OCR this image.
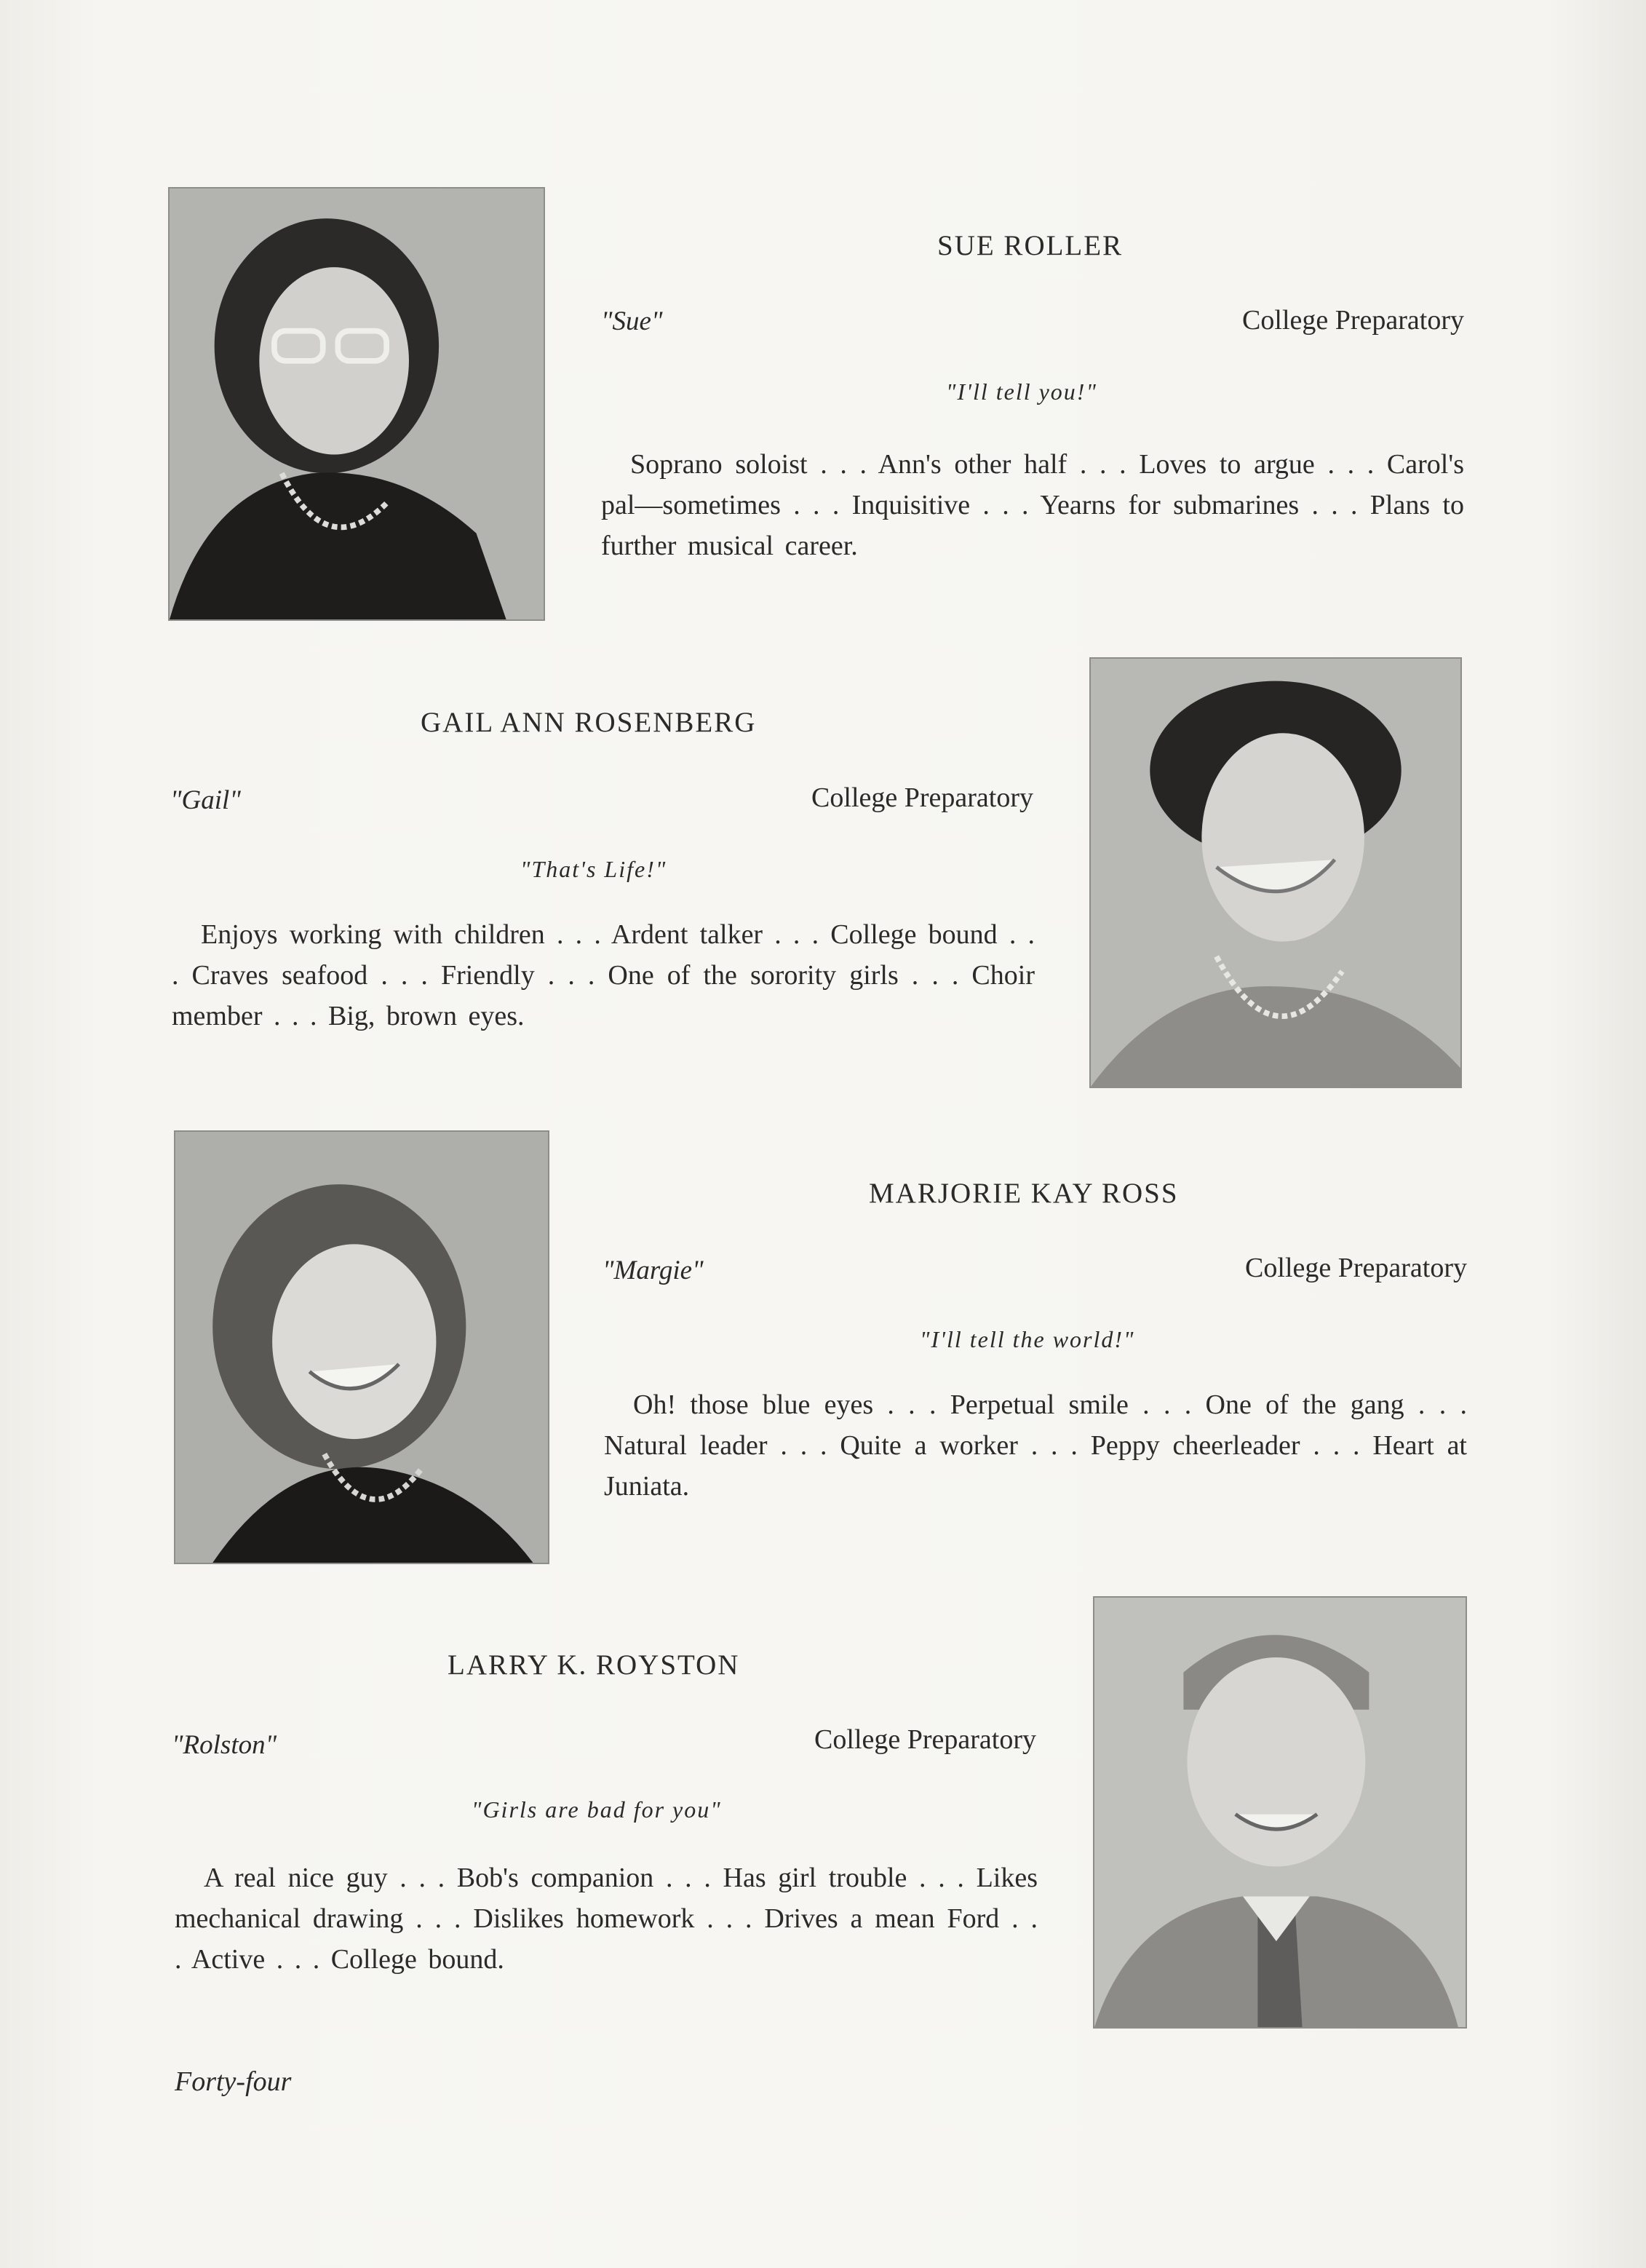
SUE ROLLER
"Sue"	College Preparatory
"I'll tell you!"
Soprano soloist . . . Ann's other half . . . Loves to argue . . . Carol's pal—sometimes . . . Inquisitive . . . Yearns for submarines . . . Plans to further musical career.
GAIL ANN ROSENBERG
"Gail"	College Preparatory
"That's Life!"
Enjoys working with children . . . Ardent talker . . . College bound . . . Craves seafood . . . Friendly . . . One of the sorority girls . . . Choir member . . . Big, brown eyes.
MARJORIE KAY ROSS
"Margie"	College Preparatory
"I'll tell the world!"
Oh! those blue eyes . . . Perpetual smile . . . One of the gang . . . Natural leader . . . Quite a worker . . . Peppy cheerleader . . . Heart at Juniata.
LARRY K. ROYSTON
"Rolston"	College Preparatory
"Girls are bad for you"
A real nice guy . . . Bob's companion . . . Has girl trouble . . . Likes mechanical drawing . . . Dislikes homework . . . Drives a mean Ford . . . Active . . . College bound.
Forty-four
